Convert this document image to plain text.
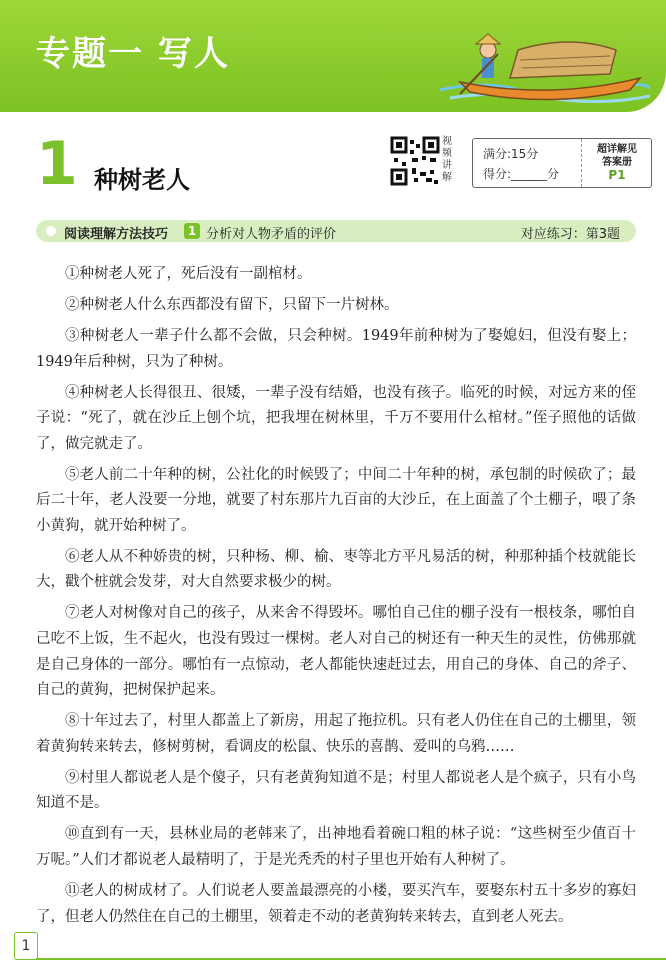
专题一 写人
1 种树老人
视频讲解
满分:15分
得分:______分
超详解见
答案册
P1
阅读理解方法技巧	1 分析对人物矛盾的评价	对应练习：第3题

①种树老人死了，死后没有一副棺材。

②种树老人什么东西都没有留下，只留下一片树林。

③种树老人一辈子什么都不会做，只会种树。1949年前种树为了娶媳妇，但没有娶上；1949年后种树，只为了种树。

④种树老人长得很丑、很矮，一辈子没有结婚，也没有孩子。临死的时候，对远方来的侄子说：“死了，就在沙丘上刨个坑，把我埋在树林里，千万不要用什么棺材。”侄子照他的话做了，做完就走了。

⑤老人前二十年种的树，公社化的时候毁了；中间二十年种的树，承包制的时候砍了；最后二十年，老人没要一分地，就要了村东那片九百亩的大沙丘，在上面盖了个土棚子，喂了条小黄狗，就开始种树了。

⑥老人从不种娇贵的树，只种杨、柳、榆、枣等北方平凡易活的树，种那种插个枝就能长大，戳个桩就会发芽，对大自然要求极少的树。

⑦老人对树像对自己的孩子，从来舍不得毁坏。哪怕自己住的棚子没有一根枝条，哪怕自己吃不上饭，生不起火，也没有毁过一棵树。老人对自己的树还有一种天生的灵性，仿佛那就是自己身体的一部分。哪怕有一点惊动，老人都能快速赶过去，用自己的身体、自己的斧子、自己的黄狗，把树保护起来。

⑧十年过去了，村里人都盖上了新房，用起了拖拉机。只有老人仍住在自己的土棚里，领着黄狗转来转去，修树剪树，看调皮的松鼠、快乐的喜鹊、爱叫的乌鸦……

⑨村里人都说老人是个傻子，只有老黄狗知道不是；村里人都说老人是个疯子，只有小鸟知道不是。

⑩直到有一天，县林业局的老韩来了，出神地看着碗口粗的林子说：“这些树至少值百十万呢。”人们才都说老人最精明了，于是光秃秃的村子里也开始有人种树了。

⑪老人的树成材了。人们说老人要盖最漂亮的小楼，要买汽车，要娶东村五十多岁的寡妇了，但老人仍然住在自己的土棚里，领着走不动的老黄狗转来转去，直到老人死去。

1
